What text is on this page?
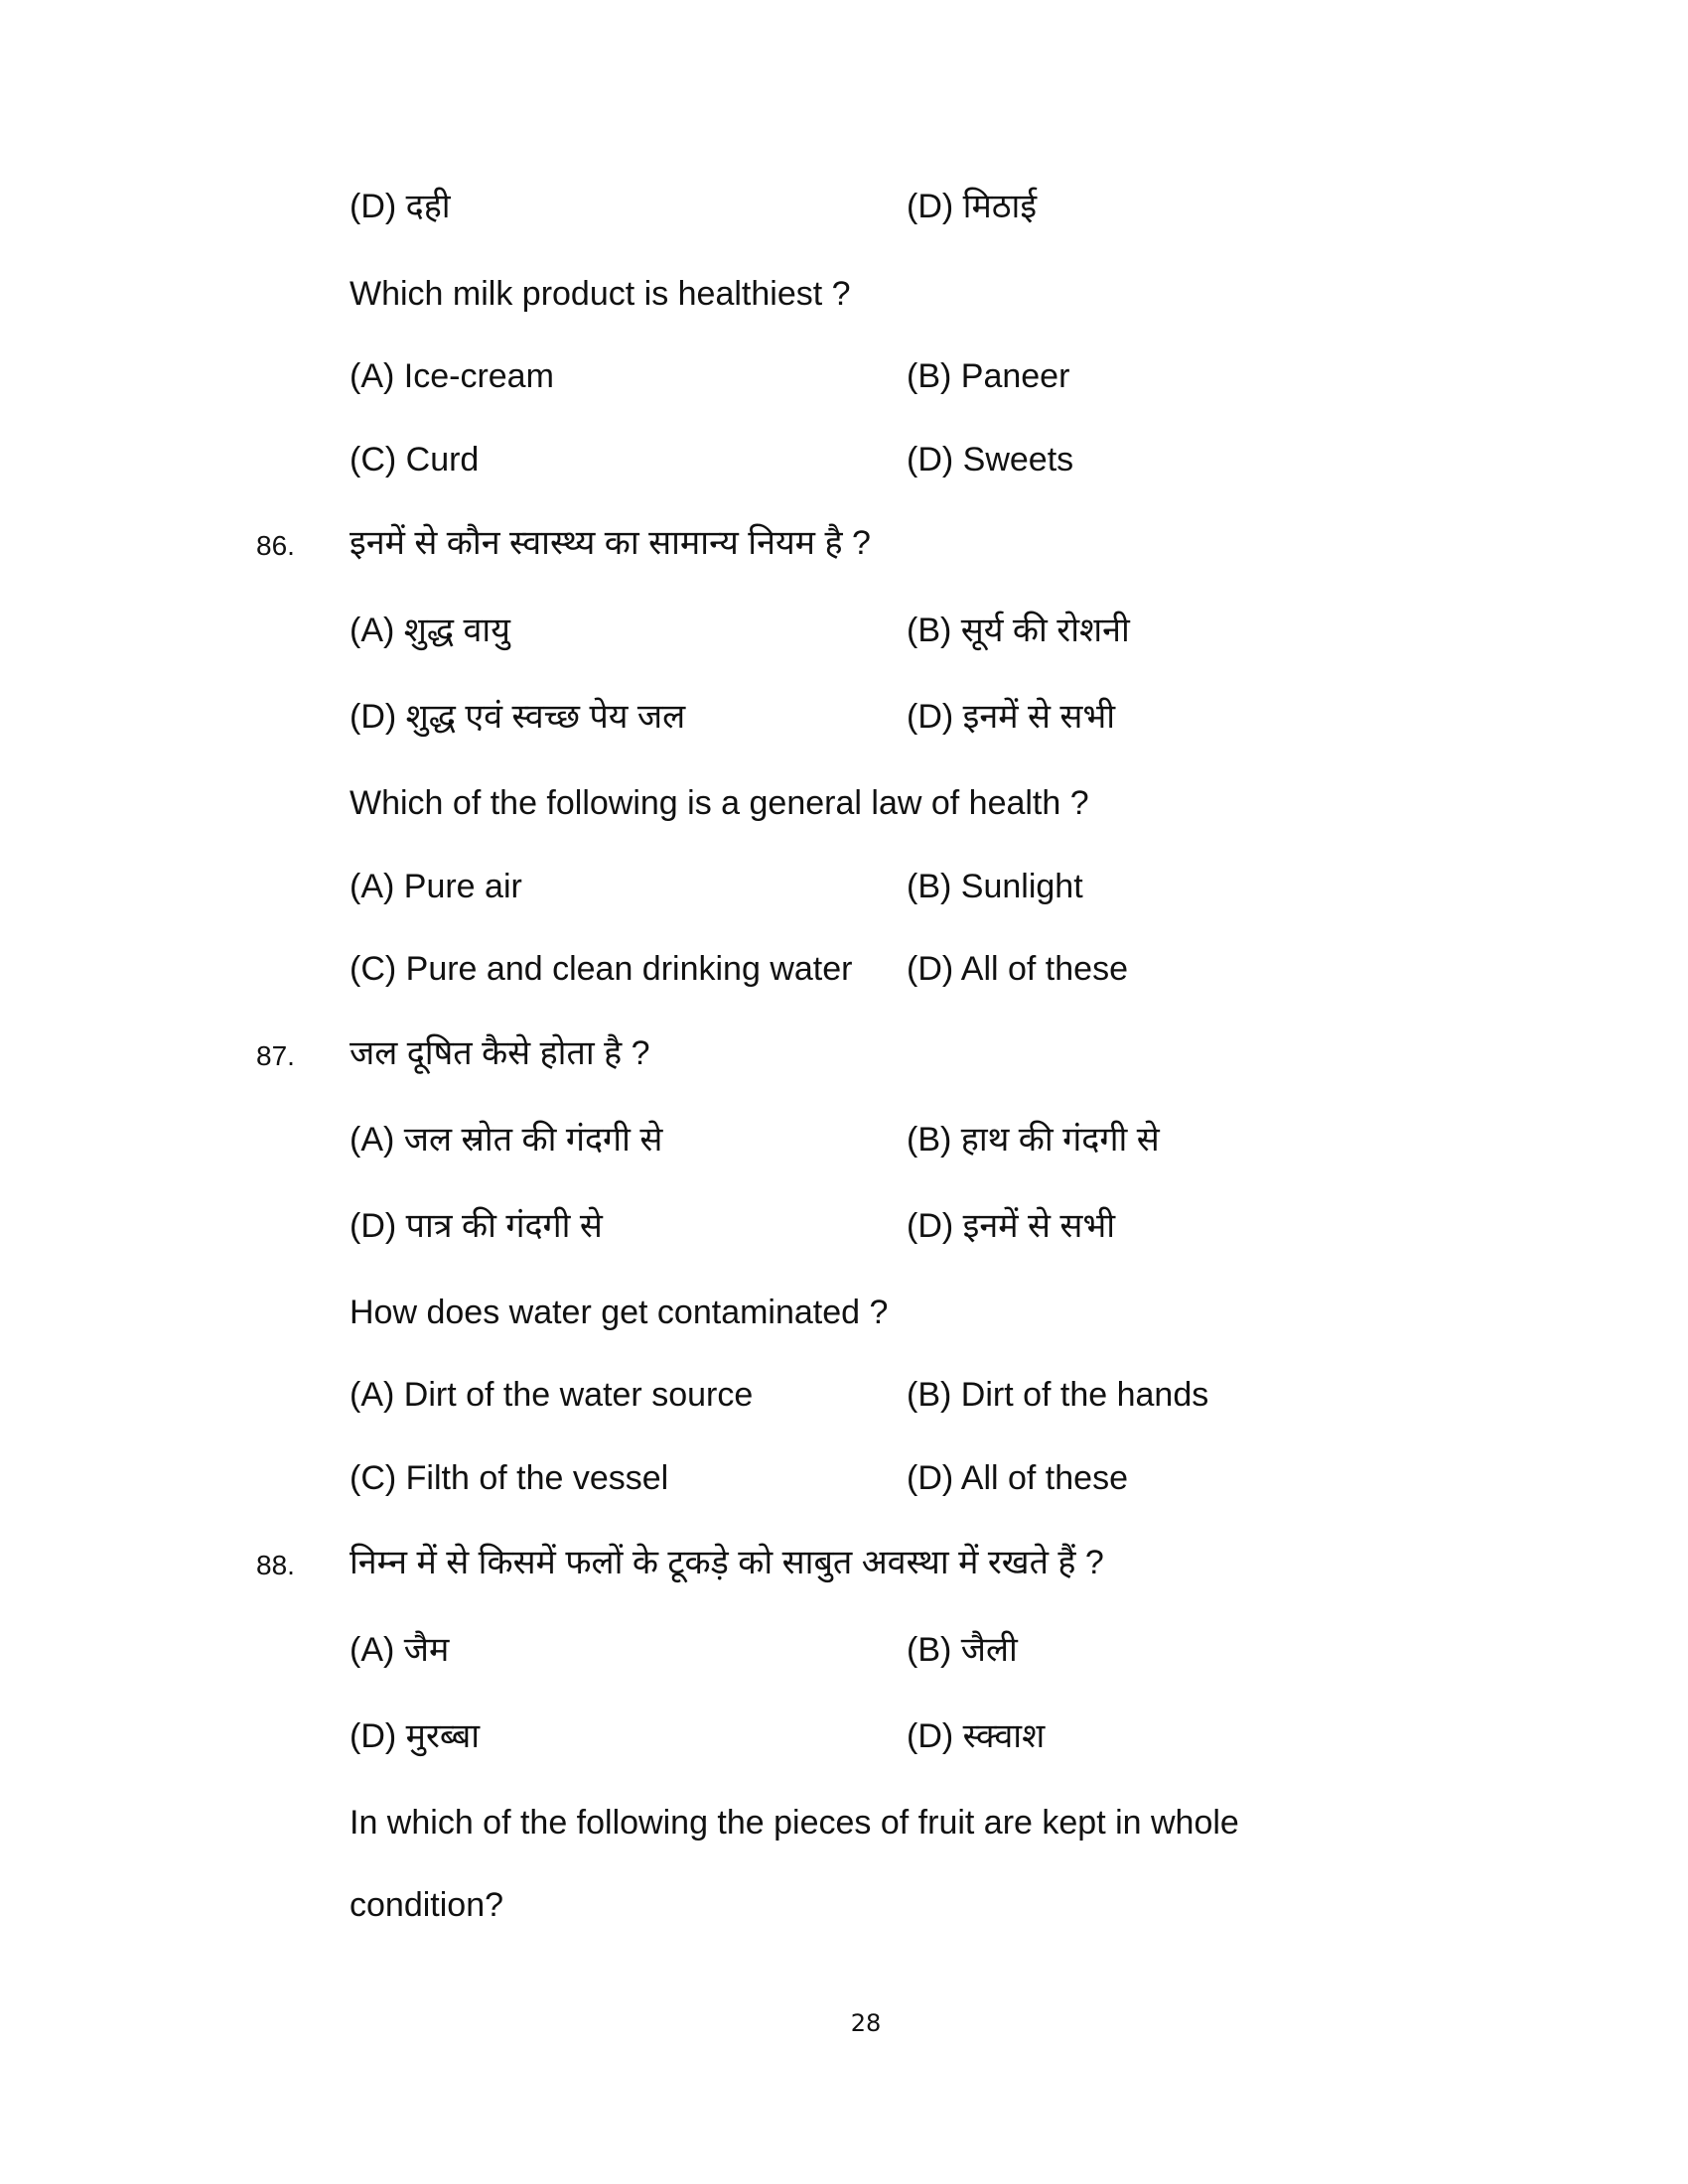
(D) दही	(D) मिठाई
Which milk product is healthiest ?
(A) Ice-cream	(B) Paneer
(C) Curd	(D) Sweets
86. इनमें से कौन स्वास्थ्य का सामान्य नियम है ?
(A) शुद्ध वायु	(B) सूर्य की रोशनी
(D) शुद्ध एवं स्वच्छ पेय जल	(D) इनमें से सभी
Which of the following is a general law of health ?
(A) Pure air	(B) Sunlight
(C) Pure and clean drinking water (D) All of these
87. जल दूषित कैसे होता है ?
(A) जल स्रोत की गंदगी से	(B) हाथ की गंदगी से
(D) पात्र की गंदगी से	(D) इनमें से सभी
How does water get contaminated ?
(A) Dirt of the water source	(B) Dirt of the hands
(C) Filth of the vessel	(D) All of these
88. निम्न में से किसमें फलों के टूकड़े को साबुत अवस्था में रखते हैं ?
(A) जैम	(B) जैली
(D) मुरब्बा	(D) स्क्वाश
In which of the following the pieces of fruit are kept in whole
condition?
28
